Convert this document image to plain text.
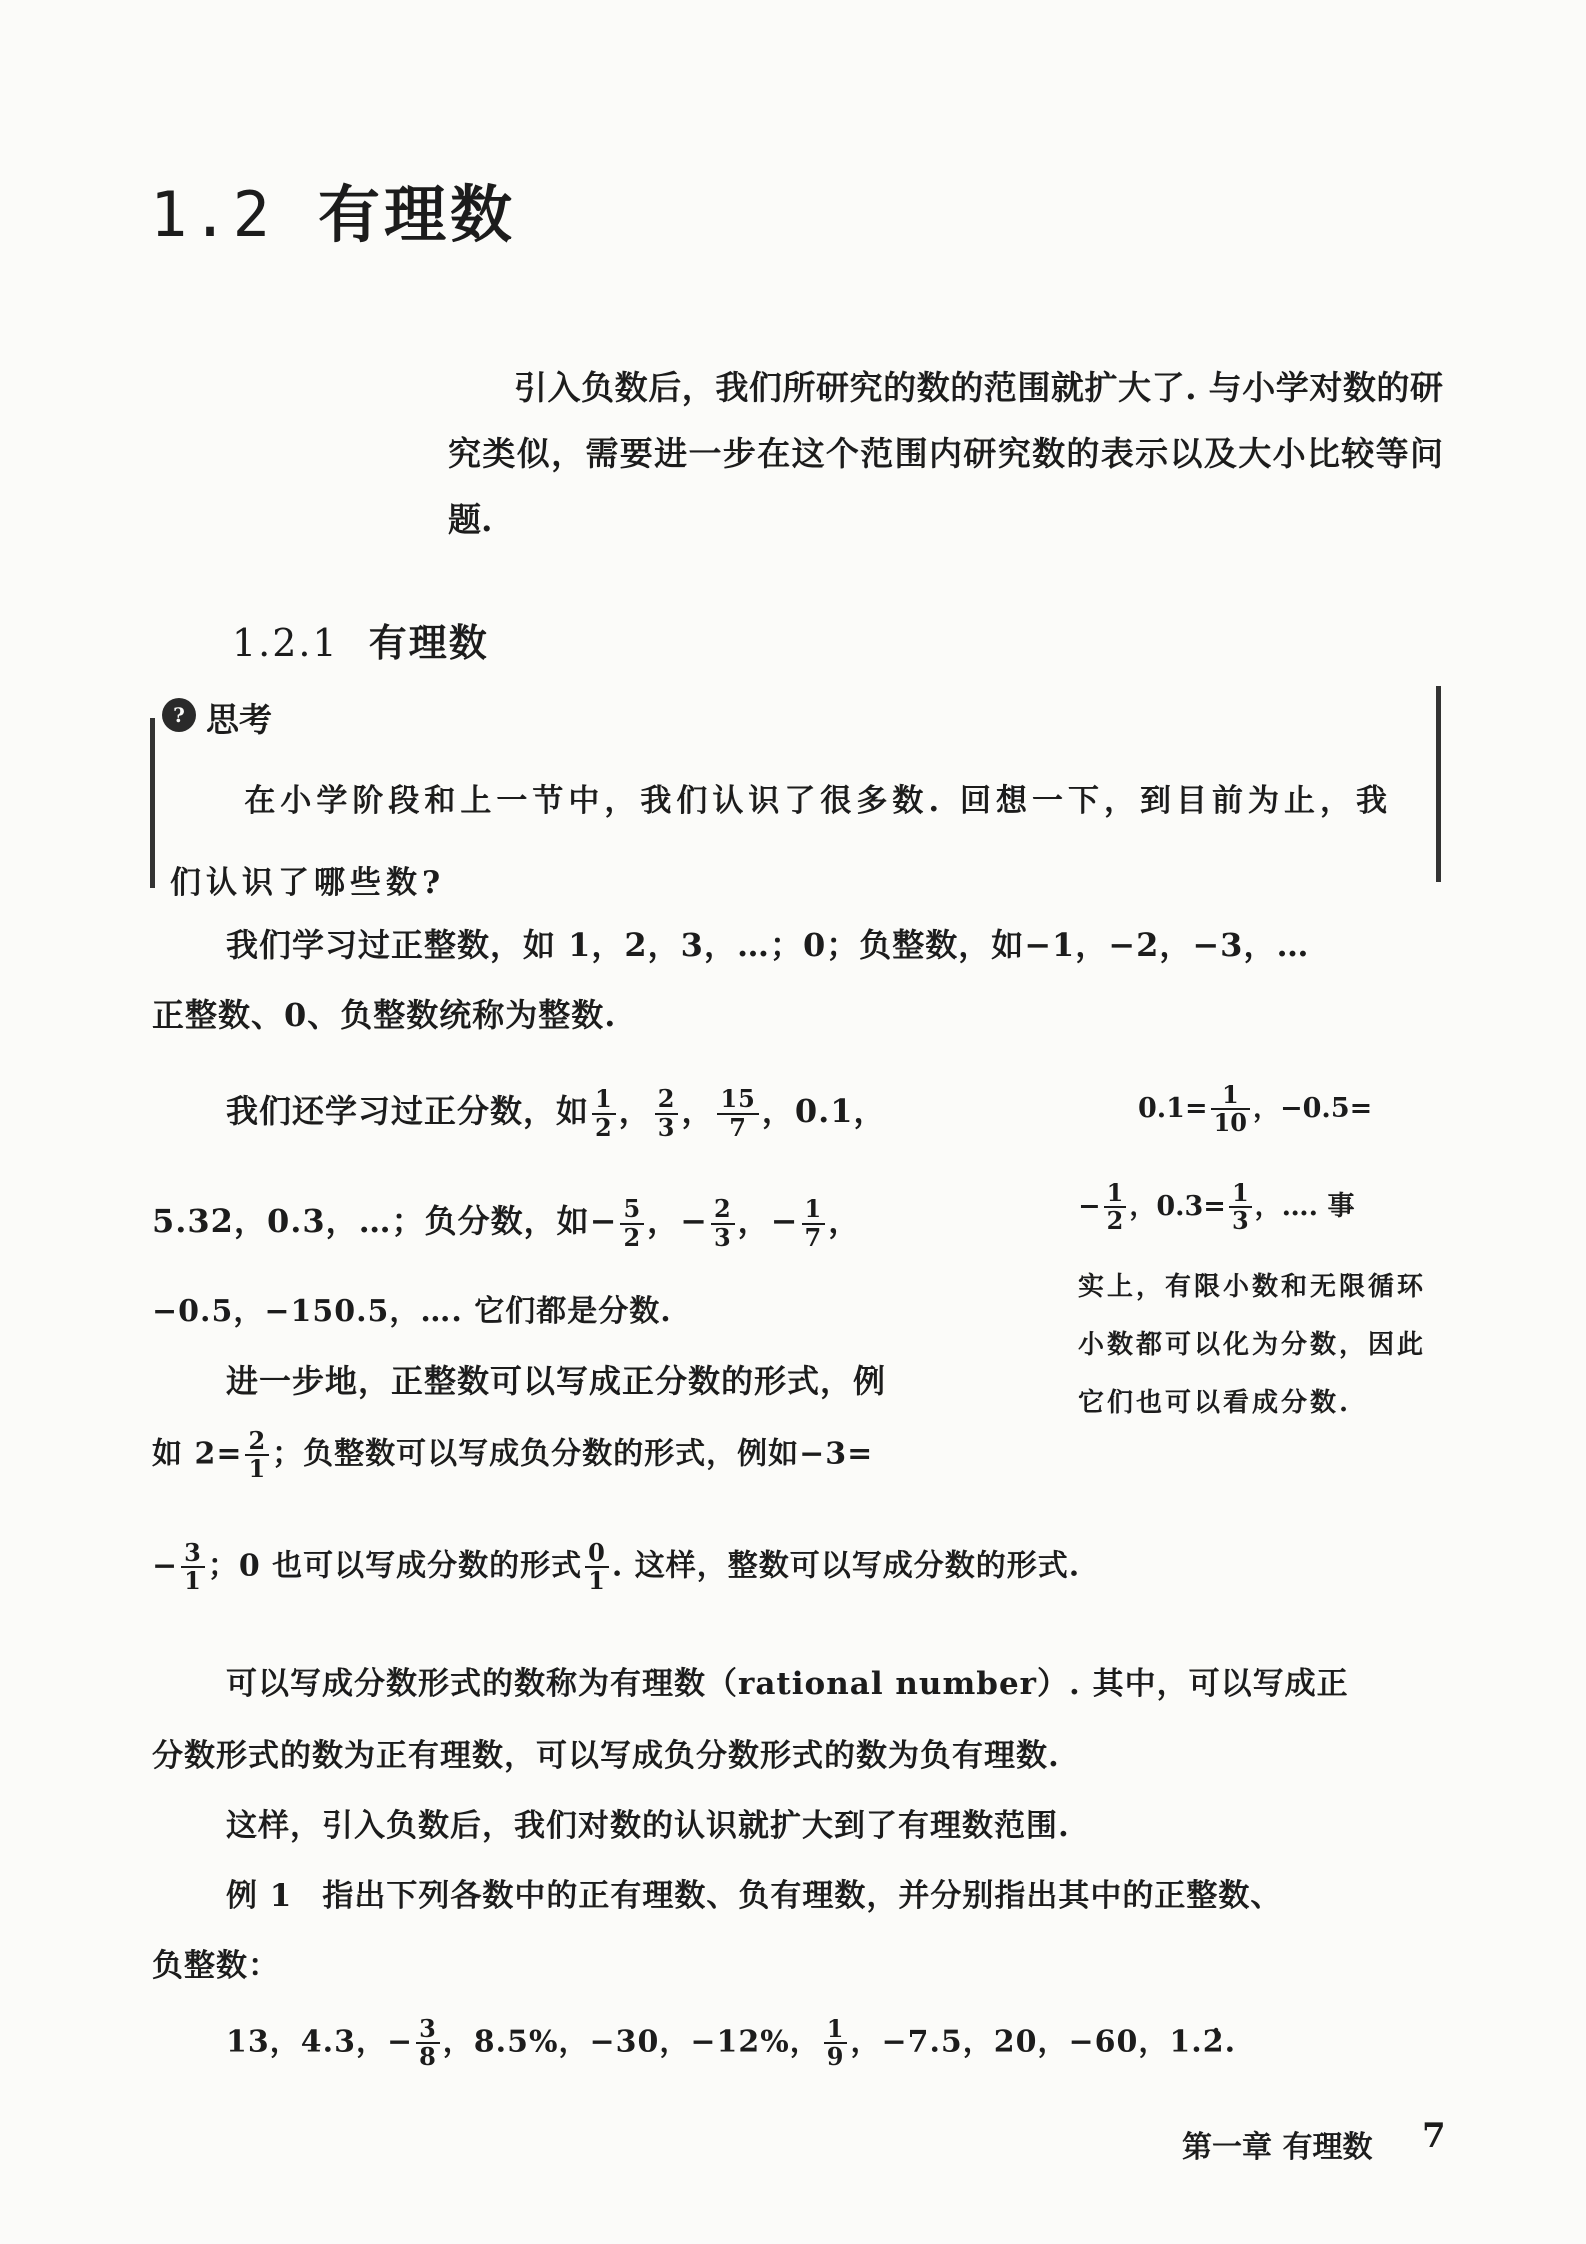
1.2 有理数
引入负数后，我们所研究的数的范围就扩大了. 与小学对数的研究类似，需要进一步在这个范围内研究数的表示以及大小比较等问题.
1.2.1 有理数
? 思考
在小学阶段和上一节中，我们认识了很多数. 回想一下，到目前为止，我们认识了哪些数?
我们学习过正整数，如 1，2，3，…；0；负整数，如−1，−2，−3，…
正整数、0、负整数统称为整数.
我们还学习过正分数，如 $\frac{1}{2}$ ， $\frac{2}{3}$ ， $\frac{15}{7}$ ，0.1，
5.32，0.3，…；负分数，如− $\frac{5}{2}$ ，− $\frac{2}{3}$ ，− $\frac{1}{7}$ ，
−0.5，−150.5，…. 它们都是分数.
进一步地，正整数可以写成正分数的形式，例
如 $2= \frac{2}{1}$ ；负整数可以写成负分数的形式，例如−3=
− $\frac{3}{1}$ ；0 也可以写成分数的形式 $\frac{0}{1}$ . 这样，整数可以写成分数的形式.
$0.1= \frac{1}{10}$ ，−0.5=
− $\frac{1}{2}$ ，$0.3= \frac{1}{3}$ ，…. 事
实上，有限小数和无限循环小数都可以化为分数，因此它们也可以看成分数.
可以写成分数形式的数称为有理数（rational number）. 其中，可以写成正
分数形式的数为正有理数，可以写成负分数形式的数为负有理数.
这样，引入负数后，我们对数的认识就扩大到了有理数范围.
例 1 指出下列各数中的正有理数、负有理数，并分别指出其中的正整数、
负整数：
13，4.3，− $\frac{3}{8}$ ，8.5%，−30，−12%， $\frac{1}{9}$ ，−7.5，20，−60，1.2̇.
第一章 有理数 7
